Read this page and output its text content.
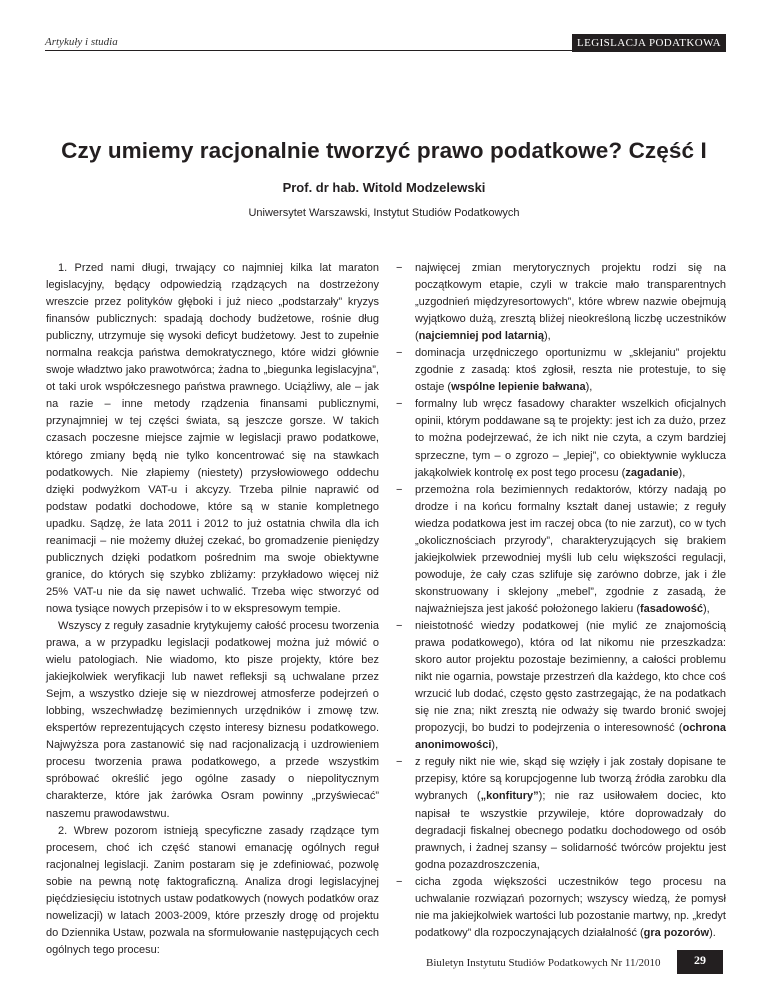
Artykuły i studia	LEGISLACJA PODATKOWA
Czy umiemy racjonalnie tworzyć prawo podatkowe? Część I
Prof. dr hab. Witold Modzelewski
Uniwersytet Warszawski, Instytut Studiów Podatkowych

1. Przed nami długi, trwający co najmniej kilka lat maraton legislacyjny, będący odpowiedzią rządzących na dostrzeżony wreszcie przez polityków głęboki i już nieco „podstarzały” kryzys finansów publicznych: spadają dochody budżetowe, rośnie dług publiczny, utrzymuje się wysoki deficyt budżetowy. Jest to zupełnie normalna reakcja państwa demokratycznego, które widzi głównie swoje władztwo jako prawotwórca; żadna to „biegunka legislacyjna”, ot taki urok współczesnego państwa prawnego. Uciążliwy, ale – jak na razie – inne metody rządzenia finansami publicznymi, przynajmniej w tej części świata, są jeszcze gorsze. W takich czasach poczesne miejsce zajmie w legislacji prawo podatkowe, którego zmiany będą nie tylko koncentrować się na stawkach podatkowych. Nie złapiemy (niestety) przysłowiowego oddechu dzięki podwyżkom VAT-u i akcyzy. Trzeba pilnie naprawić od podstaw podatki dochodowe, które są w stanie kompletnego upadku. Sądzę, że lata 2011 i 2012 to już ostatnia chwila dla ich reanimacji – nie możemy dłużej czekać, bo gromadzenie pieniędzy publicznych dzięki podatkom pośrednim ma swoje obiektywne granice, do których się szybko zbliżamy: przykładowo więcej niż 25% VAT-u nie da się nawet uchwalić. Trzeba więc stworzyć od nowa tysiące nowych przepisów i to w ekspresowym tempie.

Wszyscy z reguły zasadnie krytykujemy całość procesu tworzenia prawa, a w przypadku legislacji podatkowej można już mówić o wielu patologiach. Nie wiadomo, kto pisze projekty, które bez jakiejkolwiek weryfikacji lub nawet refleksji są uchwalane przez Sejm, a wszystko dzieje się w niezdrowej atmosferze podejrzeń o lobbing, wszechwładzę bezimiennych urzędników i zmowę tzw. ekspertów reprezentujących często interesy biznesu podatkowego. Najwyższa pora zastanowić się nad racjonalizacją i uzdrowieniem procesu tworzenia prawa podatkowego, a przede wszystkim spróbować określić jego ogólne zasady o niepolitycznym charakterze, które jak żarówka Osram powinny „przyświecać” naszemu prawodawstwu.

2. Wbrew pozorom istnieją specyficzne zasady rządzące tym procesem, choć ich część stanowi emanację ogólnych reguł racjonalnej legislacji. Zanim postaram się je zdefiniować, pozwolę sobie na pewną notę faktograficzną. Analiza drogi legislacyjnej pięćdziesięciu istotnych ustaw podatkowych (nowych podatków oraz nowelizacji) w latach 2003-2009, które przeszły drogę od projektu do Dziennika Ustaw, pozwala na sformułowanie następujących cech ogólnych tego procesu:

− najwięcej zmian merytorycznych projektu rodzi się na początkowym etapie, czyli w trakcie mało transparentnych „uzgodnień międzyresortowych”, które wbrew nazwie obejmują wyjątkowo dużą, zresztą bliżej nieokreśloną liczbę uczestników (najciemniej pod latarnią),
− dominacja urzędniczego oportunizmu w „sklejaniu” projektu zgodnie z zasadą: ktoś zgłosił, reszta nie protestuje, to się ostaje (wspólne lepienie bałwana),
− formalny lub wręcz fasadowy charakter wszelkich oficjalnych opinii, którym poddawane są te projekty: jest ich za dużo, przez to można podejrzewać, że ich nikt nie czyta, a czym bardziej sprzeczne, tym – o zgrozo – „lepiej”, co obiektywnie wyklucza jakąkolwiek kontrolę ex post tego procesu (zagadanie),
− przemożna rola bezimiennych redaktorów, którzy nadają po drodze i na końcu formalny kształt danej ustawie; z reguły wiedza podatkowa jest im raczej obca (to nie zarzut), co w tych „okolicznościach przyrody”, charakteryzujących się brakiem jakiejkolwiek przewodniej myśli lub celu większości regulacji, powoduje, że cały czas szlifuje się zarówno dobrze, jak i źle skonstruowany i sklejony „mebel”, zgodnie z zasadą, że najważniejsza jest jakość położonego lakieru (fasadowość),
− nieistotność wiedzy podatkowej (nie mylić ze znajomością prawa podatkowego), która od lat nikomu nie przeszkadza: skoro autor projektu pozostaje bezimienny, a całości problemu nikt nie ogarnia, powstaje przestrzeń dla każdego, kto chce coś wrzucić lub dodać, często gęsto zastrzegając, że na podatkach się nie zna; nikt zresztą nie odważy się twardo bronić swojej propozycji, bo budzi to podejrzenia o interesowność (ochrona anonimowości),
− z reguły nikt nie wie, skąd się wzięły i jak zostały dopisane te przepisy, które są korupcjogenne lub tworzą źródła zarobku dla wybranych („konfitury”); nie raz usiłowałem dociec, kto napisał te wszystkie przywileje, które doprowadzały do degradacji fiskalnej obecnego podatku dochodowego od osób prawnych, i żadnej szansy – solidarność twórców projektu jest godna pozazdroszczenia,
− cicha zgoda większości uczestników tego procesu na uchwalanie rozwiązań pozornych; wszyscy wiedzą, że pomysł nie ma jakiejkolwiek wartości lub pozostanie martwy, np. „kredyt podatkowy” dla rozpoczynających działalność (gra pozorów).
Biuletyn Instytutu Studiów Podatkowych Nr 11/2010	29
